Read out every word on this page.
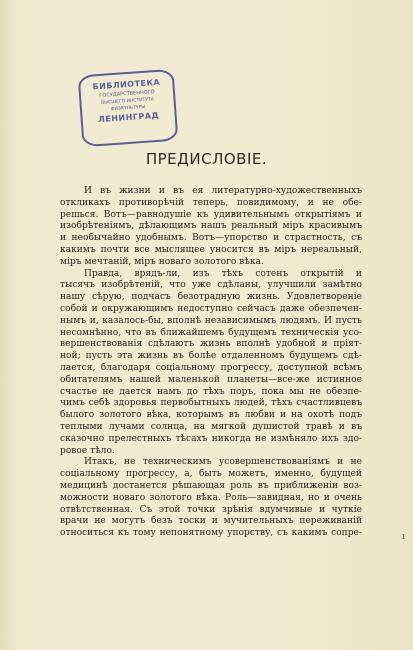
БИБЛИОТЕКА
ГОСУДАРСТВЕННОГО
ВЫСШЕГО ИНСТИТУТА
ФИЗКУЛЬТУРЫ
ЛЕНИНГРАД
ПРЕДИСЛОВІЕ.
И въ жизни и въ ея литературно-художественныхъ
откликахъ противорѣчій теперь, повидимому, и не обе-
решься. Вотъ—равнодушіе къ удивительнымъ открытіямъ и
изобрѣтеніямъ, дѣлающимъ нашъ реальный міръ красивымъ
и необычайно удобнымъ. Вотъ—упорство и страстность, съ
какимъ почти все мыслящее уносится въ міръ нереальный,
міръ мечтаній, міръ новаго золотого вѣка.
Правда, врядъ-ли, изъ тѣхъ сотенъ открытій и
тысячъ изобрѣтеній, что уже сдѣланы, улучшили замѣтно
нашу сѣрую, подчасъ безотрадную жизнь. Удовлетвореніе
собой и окружающимъ недоступно сейчасъ даже обезпечен-
нымъ и, казалось-бы, вполнѣ независимымъ людямъ. И пусть
несомнѣнно, что въ ближайшемъ будущемъ техническія усо-
вершенствованія сдѣлаютъ жизнь вполнѣ удобной и пріят-
ной; пусть эта жизнь въ болѣе отдаленномъ будущемъ сдѣ-
лается, благодаря соціальному прогрессу, доступной всѣмъ
обитателямъ нашей маленькой планеты—все-же истинное
счастье не дается намъ до тѣхъ поръ, пока мы не обезпе-
чимъ себѣ здоровья первобытныхъ людей, тѣхъ счастливцевъ
былого золотого вѣка, которымъ въ любви и на охотѣ подъ
теплыми лучами солнца, на мягкой душистой травѣ и въ
сказочно прелестныхъ тѣсахъ никогда не измѣняло ихъ здо-
ровое тѣло.
Итакъ, не техническимъ усовершенствованіямъ и не
соціальному прогрессу, а, быть можетъ, именно, будущей
медицинѣ достанется рѣшающая роль въ приближеніи воз-
можности новаго золотого вѣка. Роль—завидная, но и очень
отвѣтственная. Съ этой точки зрѣнія вдумчивые и чуткіе
врачи не могутъ безъ тоски и мучительныхъ переживаній
относиться къ тому непонятному упорству, съ какимъ сопре-	ı
